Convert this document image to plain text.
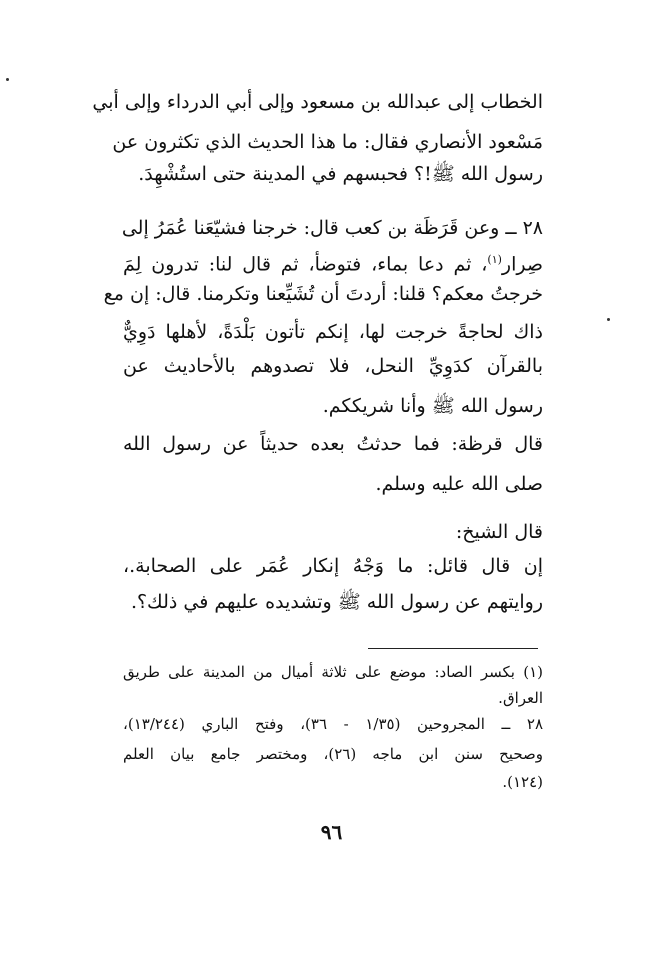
الخطاب إلى عبدالله بن مسعود وإلى أبي الدرداء وإلى أبي
مَسْعود الأنصاري فقال: ما هذا الحديث الذي تكثرون عن
رسول الله ﷺ!؟ فحبسهم في المدينة حتى استُشْهِدَ.
٢٨ ــ وعن قَرَظَة بن كعب قال: خرجنا فشيّعَنا عُمَرُ إلى
صِرار$^{(١)}$، ثم دعا بماء، فتوضأ، ثم قال لنا: تدرون لِمَ
خرجتُ معكم؟ قلنا: أردتَ أن تُشَيِّعنا وتكرمنا. قال: إن مع
ذاك لحاجةً خرجت لها، إنكم تأتون بَلْدَةً، لأهلها دَوِيٌّ
بالقرآن كدَوِيِّ النحل، فلا تصدوهم بالأحاديث عن
رسول الله ﷺ وأنا شريككم.
قال قرظة: فما حدثتُ بعده حديثاً عن رسول الله
صلى الله عليه وسلم.
قال الشيخ:
إن قال قائل: ما وَجْهُ إنكار عُمَر على الصحابة.،
روايتهم عن رسول الله ﷺ وتشديده عليهم في ذلك؟.
(١) بكسر الصاد: موضع على ثلاثة أميال من المدينة على طريق
العراق.
٢٨ ــ المجروحين (١/٣٥ - ٣٦)، وفتح الباري (١٣/٢٤٤)،
وصحيح سنن ابن ماجه (٢٦)، ومختصر جامع بيان العلم
(١٢٤).
٩٦
